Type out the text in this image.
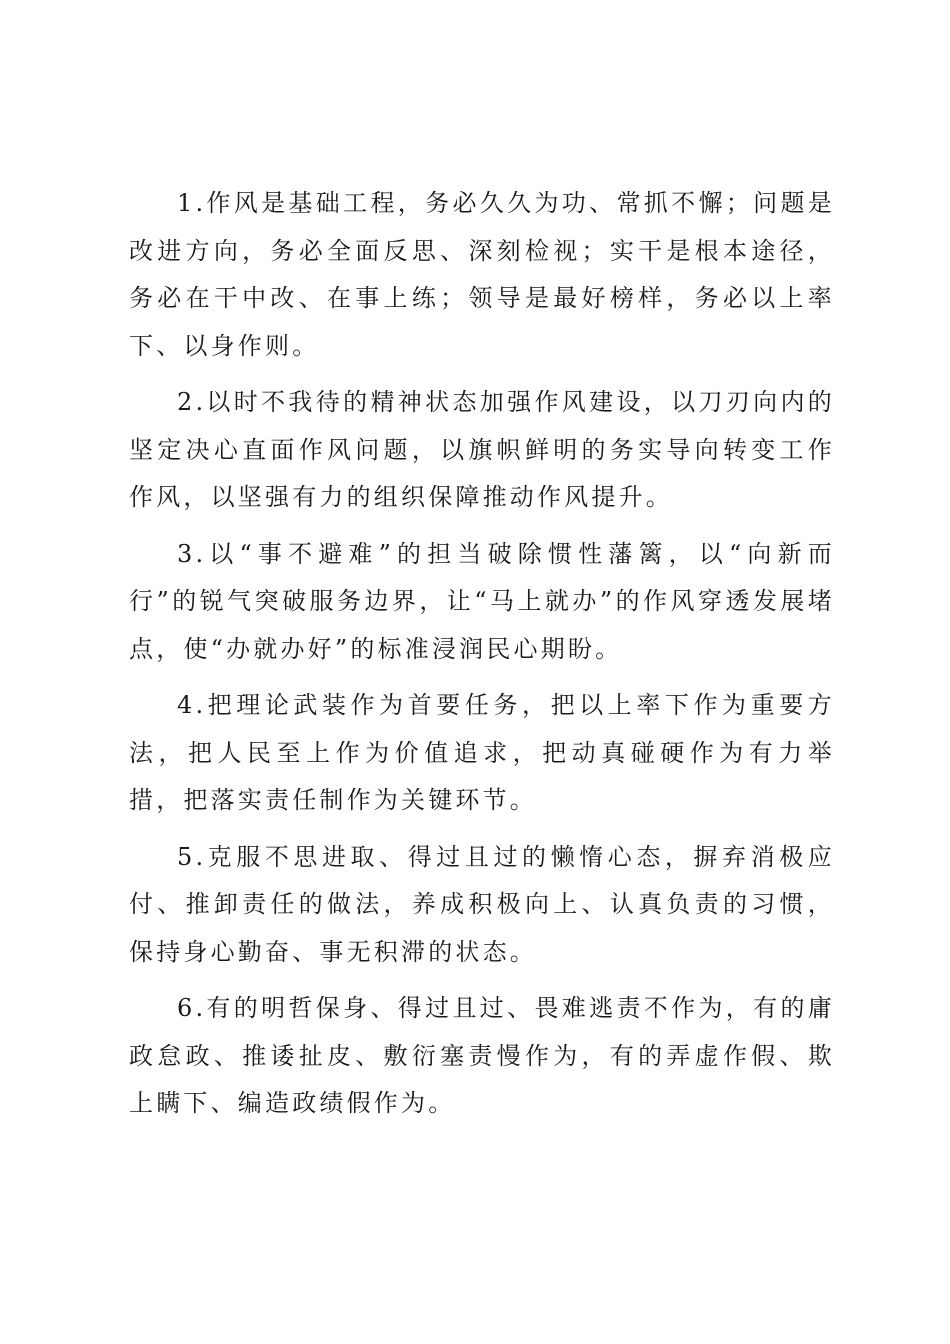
1.作风是基础工程，务必久久为功、常抓不懈；问题是改进方向，务必全面反思、深刻检视；实干是根本途径，务必在干中改、在事上练；领导是最好榜样，务必以上率下、以身作则。

2.以时不我待的精神状态加强作风建设，以刀刃向内的坚定决心直面作风问题，以旗帜鲜明的务实导向转变工作作风，以坚强有力的组织保障推动作风提升。

3.以“事不避难”的担当破除惯性藩篱，以“向新而行”的锐气突破服务边界，让“马上就办”的作风穿透发展堵点，使“办就办好”的标准浸润民心期盼。

4.把理论武装作为首要任务，把以上率下作为重要方法，把人民至上作为价值追求，把动真碰硬作为有力举措，把落实责任制作为关键环节。

5.克服不思进取、得过且过的懒惰心态，摒弃消极应付、推卸责任的做法，养成积极向上、认真负责的习惯，保持身心勤奋、事无积滞的状态。

6.有的明哲保身、得过且过、畏难逃责不作为，有的庸政怠政、推诿扯皮、敷衍塞责慢作为，有的弄虚作假、欺上瞒下、编造政绩假作为。
